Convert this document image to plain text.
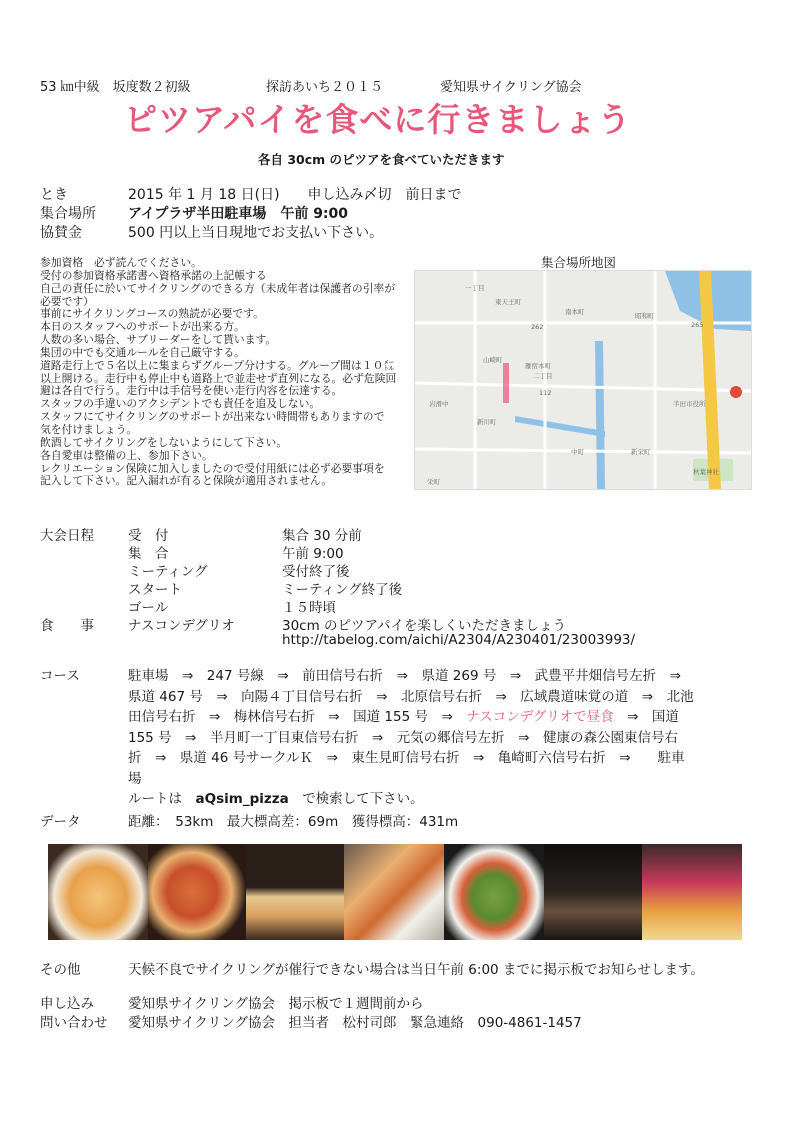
53 ㎞中級　坂度数２初級	探訪あいち２０１５	愛知県サイクリング協会
ピツアパイを食べに行きましょう
各自 30cm のピツアを食べていただきます
とき	2015 年 1 月 18 日(日)　　申し込み〆切　前日まで
集合場所 アイプラザ半田駐車場　午前 9:00
協賛金	500 円以上当日現地でお支払い下さい。
参加資格　必ず読んでください。
受付の参加資格承諾書へ資格承諾の上記帳する
自己の責任に於いてサイクリングのできる方（未成年者は保護者の引率が
必要です）
事前にサイクリングコースの熟読が必要です。
本日のスタッフへのサポートが出来る方。
人数の多い場合、サブリーダーをして貰います。
集団の中でも交通ルールを自己厳守する。
道路走行上で５名以上に集まらずグループ分けする。グループ間は１０㍍
以上開ける。走行中も停止中も道路上で並走せず直列になる。必ず危険回
避は各自で行う。走行中は手信号を使い走行内容を伝達する。
スタッフの手違いのアクシデントでも責任を追及しない。
スタッフにてサイクリングのサポートが出来ない時間帯もありますので
気を付けましょう。
飲酒してサイクリングをしないようにして下さい。
各自愛車は整備の上、参加下さい。
レクリエーション保険に加入しましたので受付用紙には必ず必要事項を
記入して下さい。記入漏れが有ると保険が適用されません。
集合場所地図
一丁目
東天王町
南本町
山崎町
雁宿本町
二丁目
新川町
半田市役所
新栄町
岩滑中
秋葉神社
栄町
昭和町
中町
262	265
112
大会日程	受　付	集合 30 分前
集　合	午前 9:00
ミーティング	受付終了後
スタート	ミーティング終了後
ゴール	１５時頃
食　　事	ナスコンデグリオ	30cm のピツアパイを楽しくいただきましょう
http://tabelog.com/aichi/A2304/A230401/23003993/
コース	駐車場　⇒　247 号線　⇒　前田信号右折　⇒　県道 269 号　⇒　武豊平井畑信号左折　⇒
県道 467 号　⇒　向陽４丁目信号右折　⇒　北原信号右折　⇒　広域農道味覚の道　⇒　北池
田信号右折　⇒　梅林信号右折　⇒　国道 155 号　⇒　ナスコンデグリオで昼食　⇒　国道
155 号　⇒　半月町一丁目東信号右折　⇒　元気の郷信号左折　⇒　健康の森公園東信号右
折　⇒　県道 46 号サークルＫ　⇒　東生見町信号右折　⇒　亀崎町六信号右折　⇒　　駐車
場
ルートは　 aQsim_pizza　 で検索して下さい。
データ	距離：　53km　最大標高差：69m　獲得標高：431m
その他	天候不良でサイクリングが催行できない場合は当日午前 6:00 までに掲示板でお知らせします。
申し込み	愛知県サイクリング協会　掲示板で１週間前から
問い合わせ 愛知県サイクリング協会　担当者　松村司郎　緊急連絡　090-4861-1457
